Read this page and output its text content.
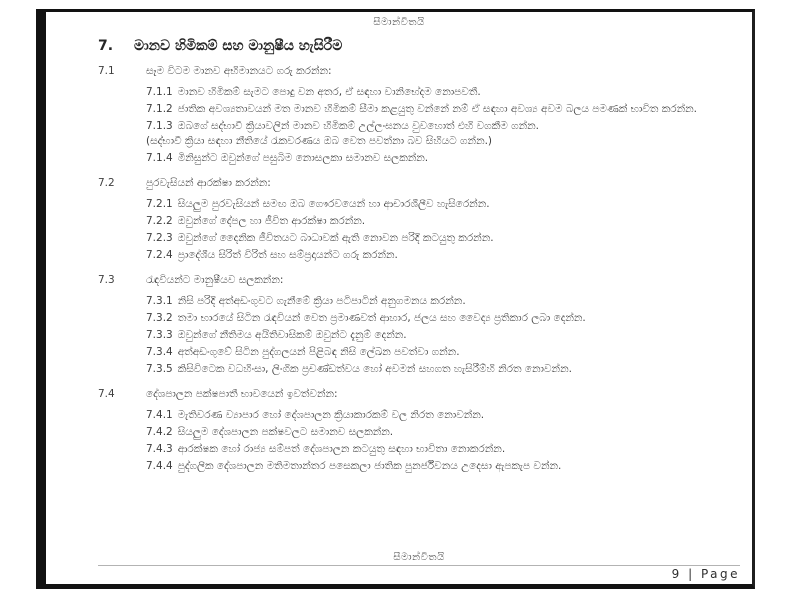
සීමාන්විතයි
7.	මානව හිමිකම් සහ මානුෂීය හැසිරීම
7.1	සෑම විටම මානව අභිමානයට ගරු කරන්න:
7.1.1 මානව හිමිකම් සැමට පොදු වන අතර, ඒ සඳහා වානිභේදම නොපවතී.
7.1.2 ජාතික අවශ්‍යතාවයන් මත මානව හිමිකම් සීමා කළයුතු වන්නේ නම් ඒ සඳහා අවශ්‍ය අවම බලය පමණක් භාවිත කරන්න.
7.1.3 ඔබගේ සද්භාවී ක්‍රියාවලින් මානව හිමිකම් උල්ලංඝනය වුවහොත් එහි වගකීම ගන්න.
(සද්භාවී ක්‍රියා සඳහා නීතියේ රැකවරණය ඔබ වෙත පවත්නා බව සිහියට ගන්න.)
7.1.4 මිනිසුන්ට ඔවුන්ගේ පසුබිම නොසලකා සමානව සලකන්න.
7.2	පුරවැසියන් ආරක්ෂා කරන්න:
7.2.1 සියලුම පුරවැසියන් සමඟ ඔබ ගෞරවයෙන් හා ආචාරශීලීව හැසිරෙන්න.
7.2.2 ඔවුන්ගේ දේපල හා ජීවිත ආරක්ෂා කරන්න.
7.2.3 ඔවුන්ගේ දෛනික ජීවිතයට බාධාවක් ඇති නොවන පරිදි කටයුතු කරන්න.
7.2.4 ප්‍රාදේශීය සිරිත් විරිත් සහ සම්ප්‍රදායන්ට ගරු කරන්න.
7.3	රැඳවියන්ට මානුෂීයව සලකන්න:
7.3.1 නිසි පරිදි අත්අඩංගුවට ගැනීමේ ක්‍රියා පටිපාටින් අනුගමනය කරන්න.
7.3.2 තමා භාරයේ සිටින රැඳවියන් වෙත ප්‍රමාණවත් ආහාර, ජලය සහ වෛද්‍ය ප්‍රතිකාර ලබා දෙන්න.
7.3.3 ඔවුන්ගේ නීතිමය අයිතිවාසිකම් ඔවුන්ට දැනුම් දෙන්න.
7.3.4 අත්අඩංගුවේ සිටින පුද්ගලයන් පිළිබඳ නිසි ලේඛන පවත්වා ගන්න.
7.3.5 කිසිවිටෙක වධහිංසා, ලිංගික ප්‍රචණ්ඩත්වය හෝ අවමන් සහගත හැසිරීම්හි නිරත නොවන්න.
7.4	දේශපාලන පක්ෂපාතී භාවයෙන් ඉවත්වන්න:
7.4.1 මැතිවරණ ව්‍යාපාර හෝ දේශපාලන ක්‍රියාකාරකම් වල නිරත නොවන්න.
7.4.2 සියලුම දේශපාලන පක්ෂවලට සමානව සලකන්න.
7.4.3 ආරක්ෂක හෝ රාජ්‍ය සම්පත් දේශපාලන කටයුතු සඳහා භාවිතා නොකරන්න.
7.4.4 පුද්ගලික දේශපාලන මතිමතාන්තර පසෙකලා ජාතික පුනර්ජීවනය උදෙසා ඇපකැප වන්න.
සීමාන්විතයි
9 | Page
